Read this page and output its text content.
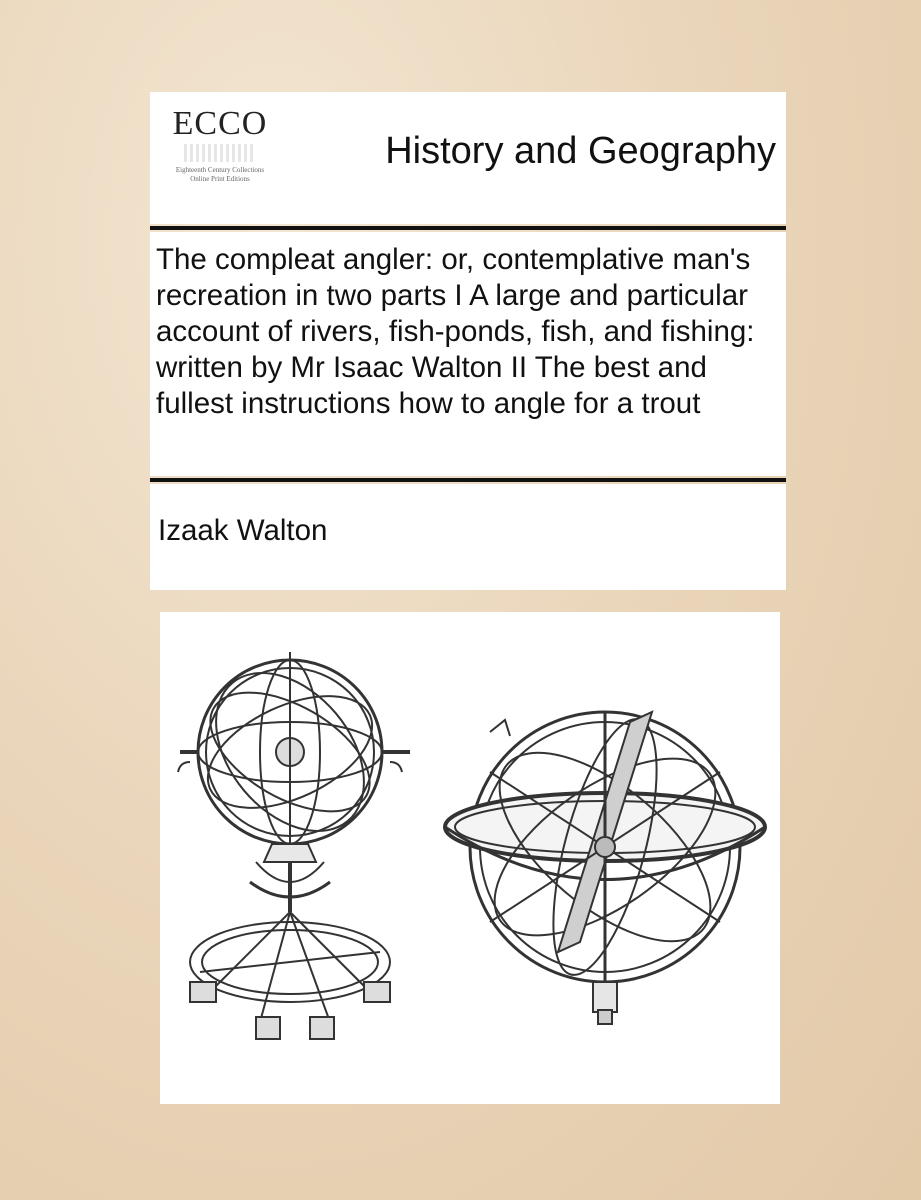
ECCO
Eighteenth Century Collections Online Print Editions
History and Geography
The compleat angler: or, contemplative man's recreation in two parts I A large and particular account of rivers, fish-ponds, fish, and fishing: written by Mr Isaac Walton II The best and fullest instructions how to angle for a trout
Izaak Walton
